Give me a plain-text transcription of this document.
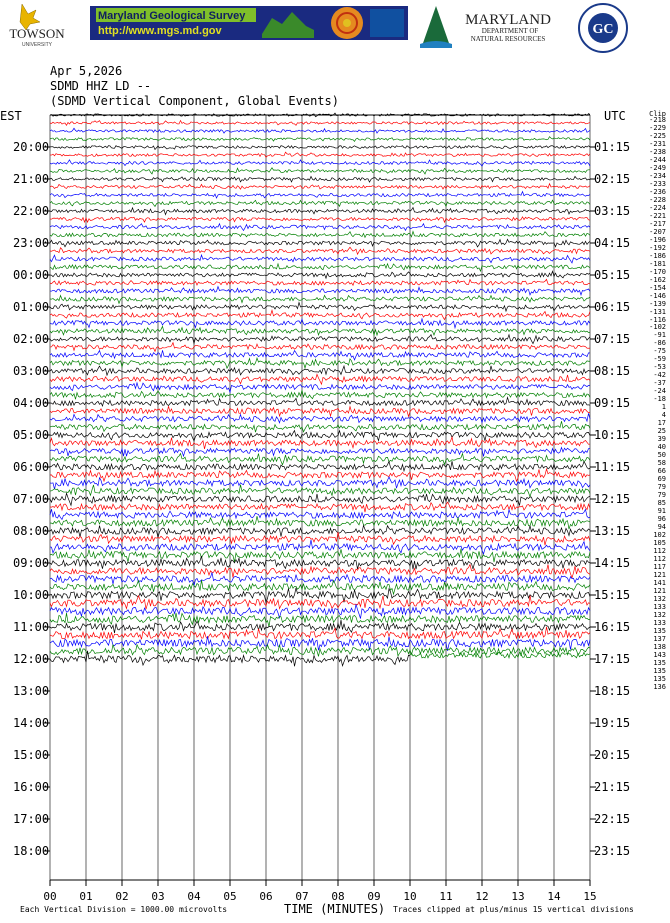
TOWSON
UNIVERSITY
Maryland Geological Survey
http://www.mgs.md.gov
MARYLAND
DEPARTMENT OF
NATURAL RESOURCES
GC
Apr 5,2026
SDMD HHZ LD --
(SDMD Vertical Component, Global Events)
EST	UTC
20:00
21:00
22:00
23:00
00:00
01:00
02:00
03:00
04:00
05:00
06:00
07:00
08:00
09:00
10:00
11:00
12:00
13:00
14:00
15:00
16:00
17:00
18:00
01:15
02:15
03:15
04:15
05:15
06:15
07:15
08:15
09:15
10:15
11:15
12:15
13:15
14:15
15:15
16:15
17:15
18:15
19:15
20:15
21:15
22:15
23:15
Clip
-218
-229
-225
-231
-238
-244
-249
-234
-233
-236
-228
-224
-221
-217
-207
-196
-192
-186
-181
-170
-162
-154
-146
-139
-131
-116
-102
-91
-86
-75
-59
-53
-42
-37
-24
-18
1
4
17
25
39
40
50
58
66
69
79
79
85
91
96
94
102
105
112
112
117
121
141
121
132
133
132
133
135
137
138
143
135
135
135
136
00	01	02	03	04	05	06	07	08	09	10	11	12	13	14	15
Each Vertical Division = 1000.00 microvolts	TIME (MINUTES) Traces clipped at plus/minus 15 vertical divisions
